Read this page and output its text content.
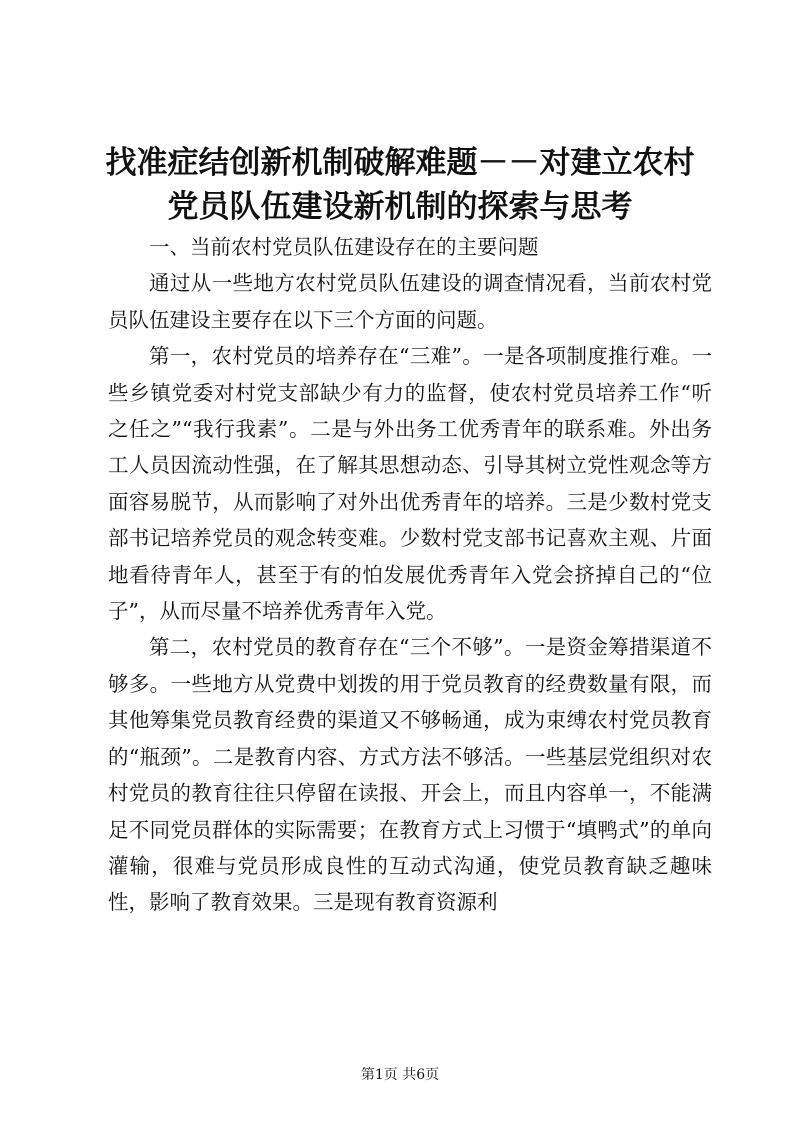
找准症结创新机制破解难题－－对建立农村党员队伍建设新机制的探索与思考

一、当前农村党员队伍建设存在的主要问题

通过从一些地方农村党员队伍建设的调查情况看，当前农村党员队伍建设主要存在以下三个方面的问题。

第一，农村党员的培养存在“三难”。一是各项制度推行难。一些乡镇党委对村党支部缺少有力的监督，使农村党员培养工作“听之任之”“我行我素”。二是与外出务工优秀青年的联系难。外出务工人员因流动性强，在了解其思想动态、引导其树立党性观念等方面容易脱节，从而影响了对外出优秀青年的培养。三是少数村党支部书记培养党员的观念转变难。少数村党支部书记喜欢主观、片面地看待青年人，甚至于有的怕发展优秀青年入党会挤掉自己的“位子”，从而尽量不培养优秀青年入党。

第二，农村党员的教育存在“三个不够”。一是资金筹措渠道不够多。一些地方从党费中划拨的用于党员教育的经费数量有限，而其他筹集党员教育经费的渠道又不够畅通，成为束缚农村党员教育的“瓶颈”。二是教育内容、方式方法不够活。一些基层党组织对农村党员的教育往往只停留在读报、开会上，而且内容单一，不能满足不同党员群体的实际需要；在教育方式上习惯于“填鸭式”的单向灌输，很难与党员形成良性的互动式沟通，使党员教育缺乏趣味性，影响了教育效果。三是现有教育资源利

第1页 共6页
